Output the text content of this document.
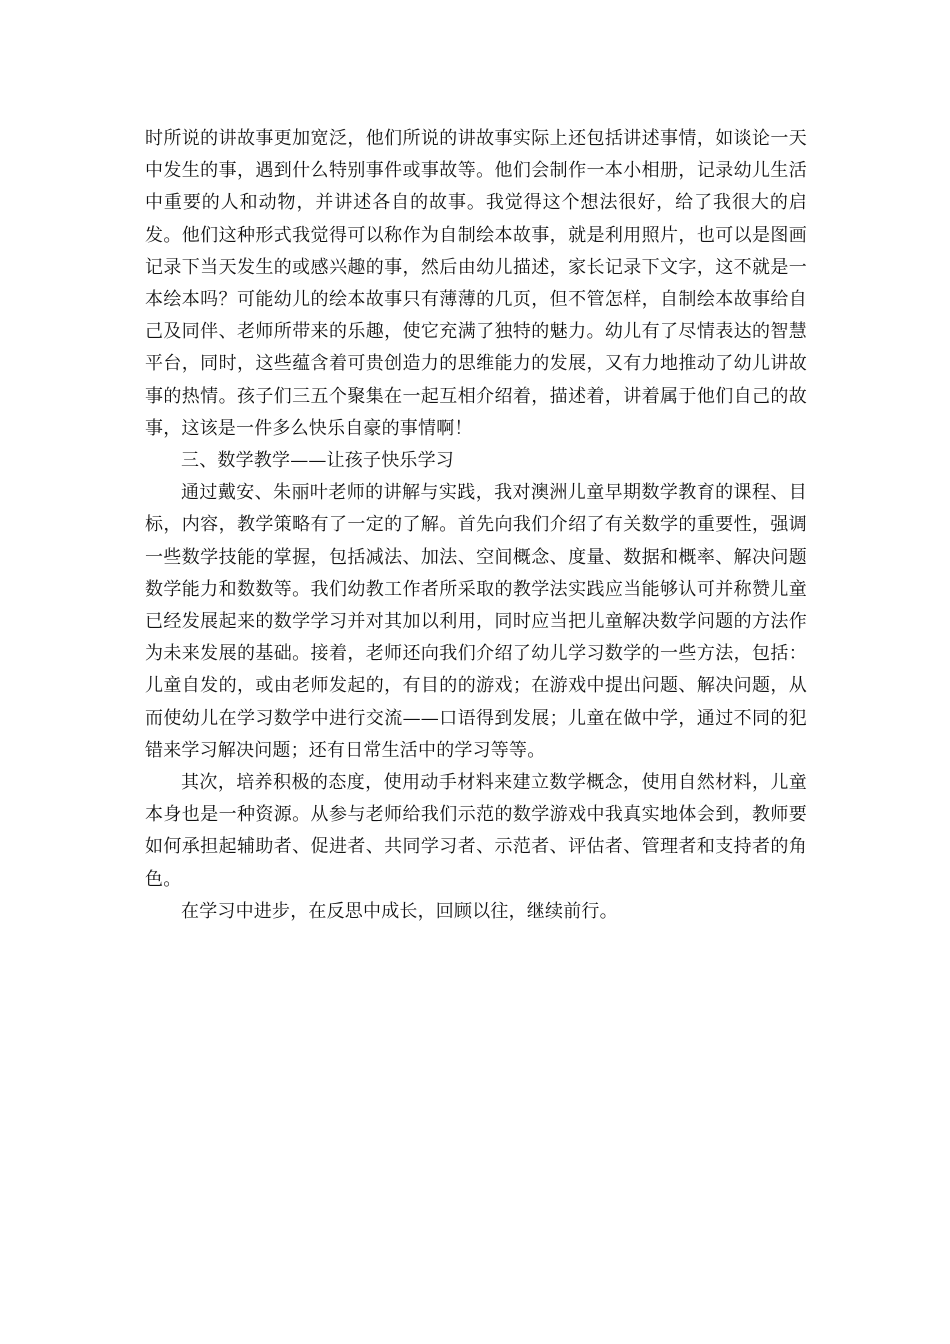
时所说的讲故事更加宽泛，他们所说的讲故事实际上还包括讲述事情，如谈论一天中发生的事，遇到什么特别事件或事故等。他们会制作一本小相册，记录幼儿生活中重要的人和动物，并讲述各自的故事。我觉得这个想法很好，给了我很大的启发。他们这种形式我觉得可以称作为自制绘本故事，就是利用照片，也可以是图画记录下当天发生的或感兴趣的事，然后由幼儿描述，家长记录下文字，这不就是一本绘本吗？可能幼儿的绘本故事只有薄薄的几页，但不管怎样，自制绘本故事给自己及同伴、老师所带来的乐趣，使它充满了独特的魅力。幼儿有了尽情表达的智慧平台，同时，这些蕴含着可贵创造力的思维能力的发展，又有力地推动了幼儿讲故事的热情。孩子们三五个聚集在一起互相介绍着，描述着，讲着属于他们自己的故事，这该是一件多么快乐自豪的事情啊！

三、数学教学——让孩子快乐学习

通过戴安、朱丽叶老师的讲解与实践，我对澳洲儿童早期数学教育的课程、目标，内容，教学策略有了一定的了解。首先向我们介绍了有关数学的重要性，强调一些数学技能的掌握，包括减法、加法、空间概念、度量、数据和概率、解决问题数学能力和数数等。我们幼教工作者所采取的教学法实践应当能够认可并称赞儿童已经发展起来的数学学习并对其加以利用，同时应当把儿童解决数学问题的方法作为未来发展的基础。接着，老师还向我们介绍了幼儿学习数学的一些方法，包括：儿童自发的，或由老师发起的，有目的的游戏；在游戏中提出问题、解决问题，从而使幼儿在学习数学中进行交流——口语得到发展；儿童在做中学，通过不同的犯错来学习解决问题；还有日常生活中的学习等等。

其次，培养积极的态度，使用动手材料来建立数学概念，使用自然材料，儿童本身也是一种资源。从参与老师给我们示范的数学游戏中我真实地体会到，教师要如何承担起辅助者、促进者、共同学习者、示范者、评估者、管理者和支持者的角色。

在学习中进步，在反思中成长，回顾以往，继续前行。
